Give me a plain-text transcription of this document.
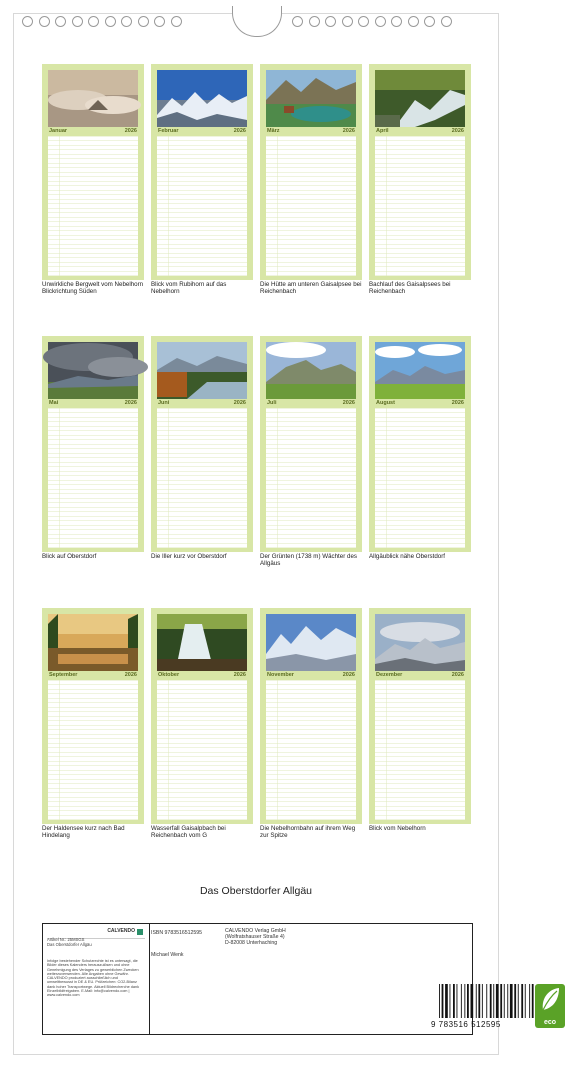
Januar	2026
Unwirkliche Bergwelt vom Nebelhorn Blickrichtung Süden
Februar	2026
Blick vom Rubihorn auf das Nebelhorn
März	2026
Die Hütte am unteren Gaisalpsee bei Reichenbach
April	2026
Bachlauf des Gaisalpsees bei Reichenbach
Mai	2026
Blick auf Oberstdorf
Juni	2026
Die Iller kurz vor Oberstdorf
Juli	2026
Der Grünten (1738 m) Wächter des Allgäus
August	2026
Allgäublick nähe Oberstdorf
September	2026
Der Haldensee kurz nach Bad Hindelang
Oktober	2026
Wasserfall Gaisalpbach bei Reichenbach vom G
November	2026
Die Nebelhornbahn auf ihrem Weg zur Spitze
Dezember	2026
Blick vom Nebelhorn
Das Oberstdorfer Allgäu
Artikel Nr.: 25MSGS
CALVENDO
Das Oberstdorfer Allgäu
Infolge bestehender Schutzrechte ist es untersagt, die Bilder dieses Kalenders herauszulösen und ohne Genehmigung des Verlages zu gewerblichen Zwecken weiterzuverwenden. Alle Angaben ohne Gewähr. CALVENDO produziert ausschließlich und umweltbewusst in DE & EU. Prüfzeichen: CO2-Bilanz dank hoher Transportwege. Aktuell Bildrecherche dank Einzelbildfreigaben. E-Mail: info@calvendo.com | www.calvendo.com
ISBN 9783516512595	CALVENDO Verlag GmbH
(Wolfratshauser Straße 4)
D-82008 Unterhaching
Michael Wenk
9 783516 512595	eco
